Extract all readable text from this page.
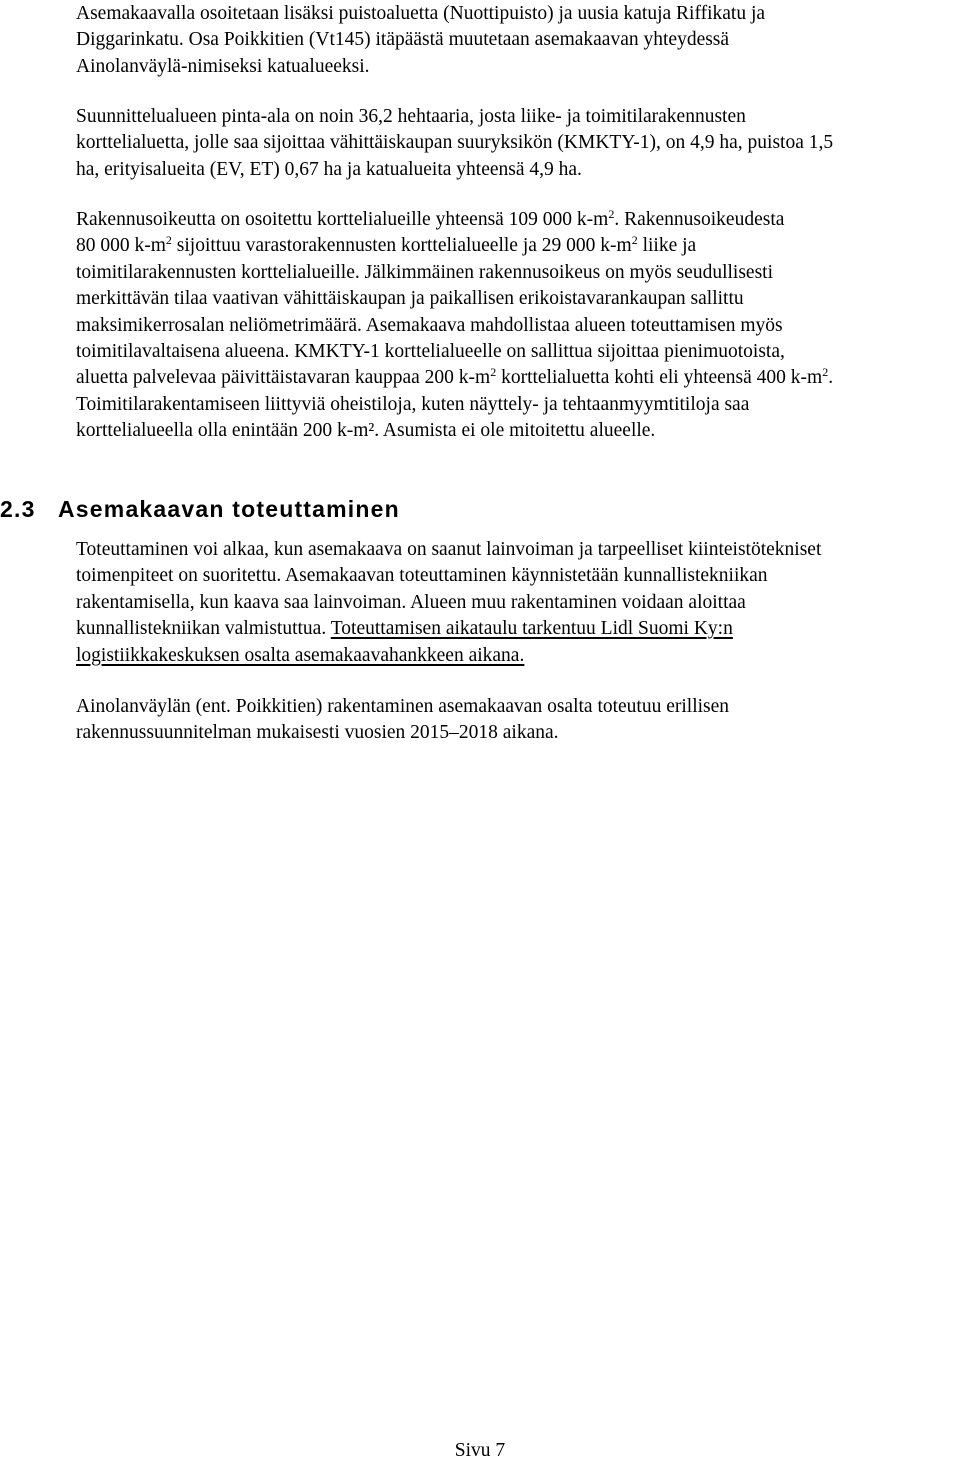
Asemakaavalla osoitetaan lisäksi puistoaluetta (Nuottipuisto) ja uusia katuja Riffikatu ja

Diggarinkatu. Osa Poikkitien (Vt145) itäpäästä muutetaan asemakaavan yhteydessä

Ainolanväylä-nimiseksi katualueeksi.

Suunnittelualueen pinta-ala on noin 36,2 hehtaaria, josta liike- ja toimitilarakennusten

korttelialuetta, jolle saa sijoittaa vähittäiskaupan suuryksikön (KMKTY-1), on 4,9 ha, puistoa 1,5

ha, erityisalueita (EV, ET) 0,67 ha ja katualueita yhteensä 4,9 ha.

Rakennusoikeutta on osoitettu korttelialueille yhteensä 109 000 $k-m^2$. Rakennusoikeudesta

80 000 $k-m^2$ sijoittuu varastorakennusten korttelialueelle ja 29 000 $k-m^2$ liike ja

toimitilarakennusten korttelialueille. Jälkimmäinen rakennusoikeus on myös seudullisesti

merkittävän tilaa vaativan vähittäiskaupan ja paikallisen erikoistavarankaupan sallittu

maksimikerrosalan neliömetrimäärä. Asemakaava mahdollistaa alueen toteuttamisen myös

toimitilavaltaisena alueena. KMKTY-1 korttelialueelle on sallittua sijoittaa pienimuotoista,

aluetta palvelevaa päivittäistavaran kauppaa 200 $k-m^2$ korttelialuetta kohti eli yhteensä 400 $k-m^2$.

Toimitilarakentamiseen liittyviä oheistiloja, kuten näyttely- ja tehtaanmyymtitiloja saa

korttelialueella olla enintään 200 k-m². Asumista ei ole mitoitettu alueelle.

2.3 Asemakaavan toteuttaminen

Toteuttaminen voi alkaa, kun asemakaava on saanut lainvoiman ja tarpeelliset kiinteistötekniset

toimenpiteet on suoritettu. Asemakaavan toteuttaminen käynnistetään kunnallistekniikan

rakentamisella, kun kaava saa lainvoiman. Alueen muu rakentaminen voidaan aloittaa

kunnallistekniikan valmistuttua. Toteuttamisen aikataulu tarkentuu Lidl Suomi Ky:n

logistiikkakeskuksen osalta asemakaavahankkeen aikana.

Ainolanväylän (ent. Poikkitien) rakentaminen asemakaavan osalta toteutuu erillisen

rakennussuunnitelman mukaisesti vuosien 2015–2018 aikana.

Sivu 7
